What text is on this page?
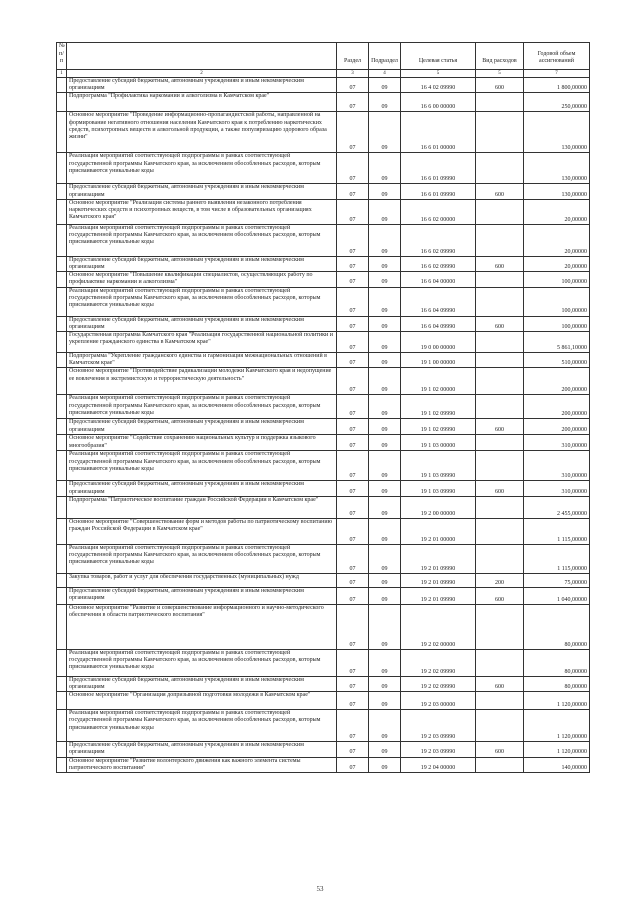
№ п/п		Раздел	Подраздел	Целевая статья	Вид расходов	Годовой объем ассигнований
1	2	3	4	5	5	7
	Предоставление субсидий бюджетным, автономным учреждениям и иным некоммерческим организациям	07	09	16 4 02 09990	600	1 800,00000
	Подпрограмма "Профилактика наркомании и алкоголизма в Камчатском крае"	07	09	16 6 00 00000		250,00000
	Основное мероприятие "Проведение информационно-пропагандистской работы, направленной на формирование негативного отношения населения Камчатского края к потреблению наркотических средств, психотропных веществ и алкогольной продукции, а также популяризацию здорового образа жизни"	07	09	16 6 01 00000		130,00000
	Реализация мероприятий соответствующей подпрограммы в рамках соответствующей государственной программы Камчатского края, за исключением обособленных расходов, которым присваиваются уникальные коды	07	09	16 6 01 09990		130,00000
	Предоставление субсидий бюджетным, автономным учреждениям и иным некоммерческим организациям	07	09	16 6 01 09990	600	130,00000
	Основное мероприятие "Реализация системы раннего выявления незаконного потребления наркотических средств и психотропных веществ, в том числе в образовательных организациях Камчатского края"	07	09	16 6 02 00000		20,00000
	Реализация мероприятий соответствующей подпрограммы в рамках соответствующей государственной программы Камчатского края, за исключением обособленных расходов, которым присваиваются уникальные коды	07	09	16 6 02 09990		20,00000
	Предоставление субсидий бюджетным, автономным учреждениям и иным некоммерческим организациям	07	09	16 6 02 09990	600	20,00000
	Основное мероприятие "Повышение квалификации специалистов, осуществляющих работу по профилактике наркомании и алкоголизма"	07	09	16 6 04 00000		100,00000
	Реализация мероприятий соответствующей подпрограммы в рамках соответствующей государственной программы Камчатского края, за исключением обособленных расходов, которым присваиваются уникальные коды	07	09	16 6 04 09990		100,00000
	Предоставление субсидий бюджетным, автономным учреждениям и иным некоммерческим организациям	07	09	16 6 04 09990	600	100,00000
	Государственная программа Камчатского края "Реализация государственной национальной политики и укрепление гражданского единства в Камчатском крае"	07	09	19 0 00 00000		5 861,10000
	Подпрограмма "Укрепление гражданского единства и гармонизация межнациональных отношений в Камчатском крае"	07	09	19 1 00 00000		510,00000
	Основное мероприятие "Противодействие радикализации молодежи Камчатского края и недопущение ее вовлечения в экстремистскую и террористическую деятельность"	07	09	19 1 02 00000		200,00000
	Реализация мероприятий соответствующей подпрограммы в рамках соответствующей государственной программы Камчатского края, за исключением обособленных расходов, которым присваиваются уникальные коды	07	09	19 1 02 09990		200,00000
	Предоставление субсидий бюджетным, автономным учреждениям и иным некоммерческим организациям	07	09	19 1 02 09990	600	200,00000
	Основное мероприятие "Содействие сохранению национальных культур и поддержка языкового многообразия"	07	09	19 1 03 00000		310,00000
	Реализация мероприятий соответствующей подпрограммы в рамках соответствующей государственной программы Камчатского края, за исключением обособленных расходов, которым присваиваются уникальные коды	07	09	19 1 03 09990		310,00000
	Предоставление субсидий бюджетным, автономным учреждениям и иным некоммерческим организациям	07	09	19 1 03 09990	600	310,00000
	Подпрограмма "Патриотическое воспитание граждан Российской Федерации в Камчатском крае"	07	09	19 2 00 00000		2 455,00000
	Основное мероприятие "Совершенствование форм и методов работы по патриотическому воспитанию граждан Российской Федерации в Камчатском крае"	07	09	19 2 01 00000		1 115,00000
	Реализация мероприятий соответствующей подпрограммы в рамках соответствующей государственной программы Камчатского края, за исключением обособленных расходов, которым присваиваются уникальные коды	07	09	19 2 01 09990		1 115,00000
	Закупка товаров, работ и услуг для обеспечения государственных (муниципальных) нужд	07	09	19 2 01 09990	200	75,00000
	Предоставление субсидий бюджетным, автономным учреждениям и иным некоммерческим организациям	07	09	19 2 01 09990	600	1 040,00000
	Основное мероприятие "Развитие и совершенствование информационного и научно-методического обеспечения в области патриотического воспитания"	07	09	19 2 02 00000		80,00000
	Реализация мероприятий соответствующей подпрограммы в рамках соответствующей государственной программы Камчатского края, за исключением обособленных расходов, которым присваиваются уникальные коды	07	09	19 2 02 09990		80,00000
	Предоставление субсидий бюджетным, автономным учреждениям и иным некоммерческим организациям	07	09	19 2 02 09990	600	80,00000
	Основное мероприятие "Организация допризывной подготовки молодежи в Камчатском крае"	07	09	19 2 03 00000		1 120,00000
	Реализация мероприятий соответствующей подпрограммы в рамках соответствующей государственной программы Камчатского края, за исключением обособленных расходов, которым присваиваются уникальные коды	07	09	19 2 03 09990		1 120,00000
	Предоставление субсидий бюджетным, автономным учреждениям и иным некоммерческим организациям	07	09	19 2 03 09990	600	1 120,00000
	Основное мероприятие "Развитие волонтерского движения как важного элемента системы патриотического воспитания"	07	09	19 2 04 00000		140,00000
53
